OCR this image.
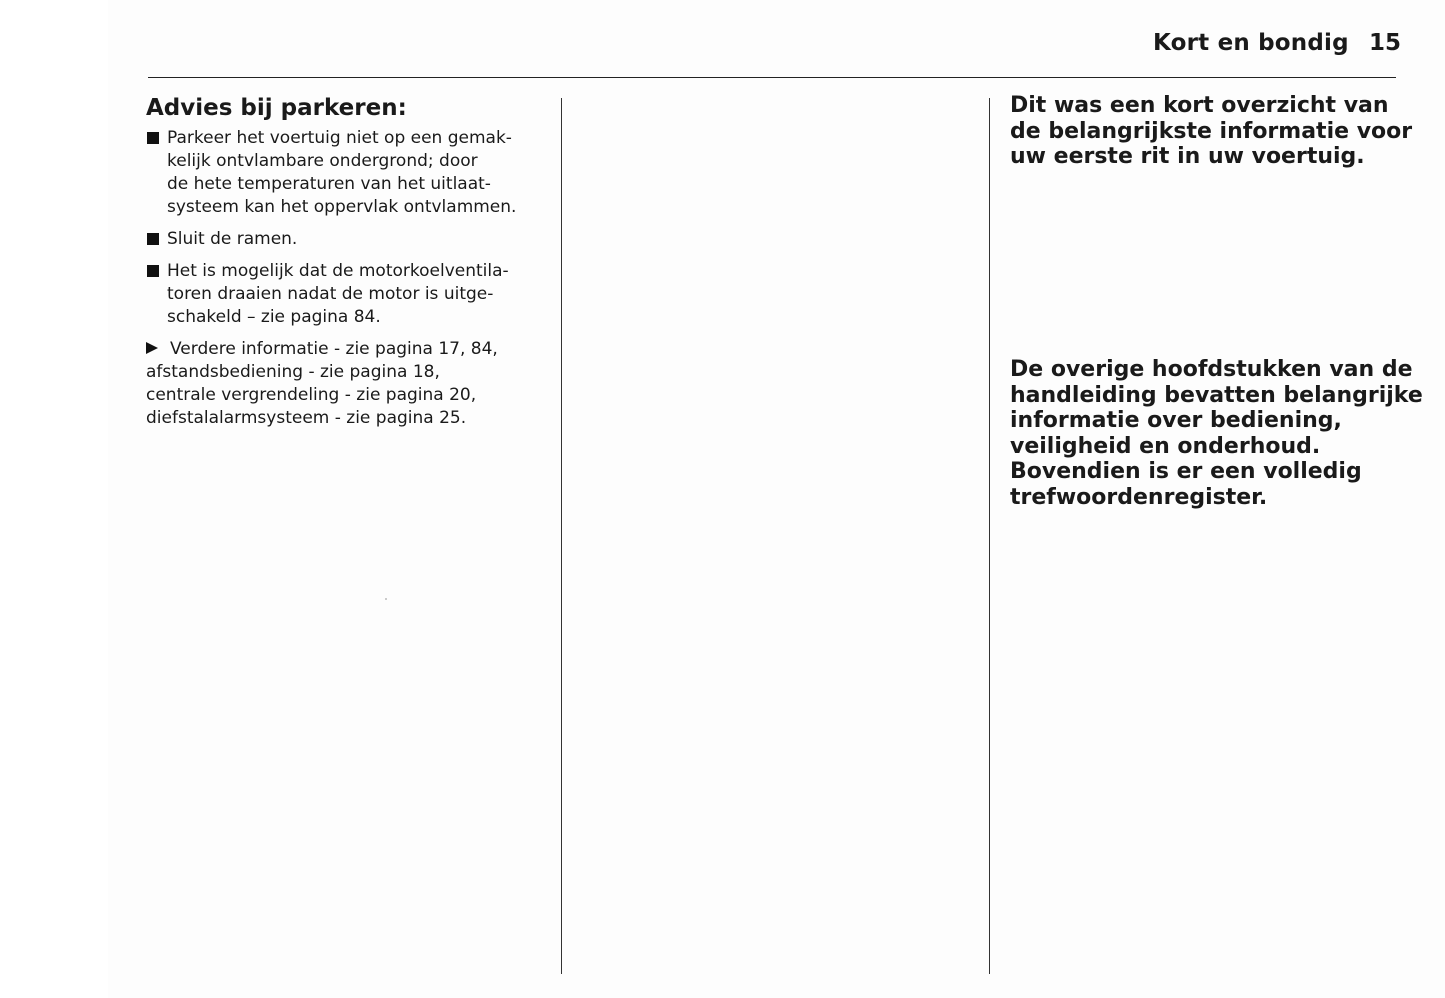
Kort en bondig 15
Advies bij parkeren:
Parkeer het voertuig niet op een gemak-
kelijk ontvlambare ondergrond; door
de hete temperaturen van het uitlaat-
systeem kan het oppervlak ontvlammen.
Sluit de ramen.
Het is mogelijk dat de motorkoelventila-
toren draaien nadat de motor is uitge-
schakeld – zie pagina 84.
Verdere informatie - zie pagina 17, 84,
afstandsbediening - zie pagina 18,
centrale vergrendeling - zie pagina 20,
diefstalalarmsysteem - zie pagina 25.
Dit was een kort overzicht van
de belangrijkste informatie voor
uw eerste rit in uw voertuig.
De overige hoofdstukken van de
handleiding bevatten belangrijke
informatie over bediening,
veiligheid en onderhoud.
Bovendien is er een volledig
trefwoordenregister.
